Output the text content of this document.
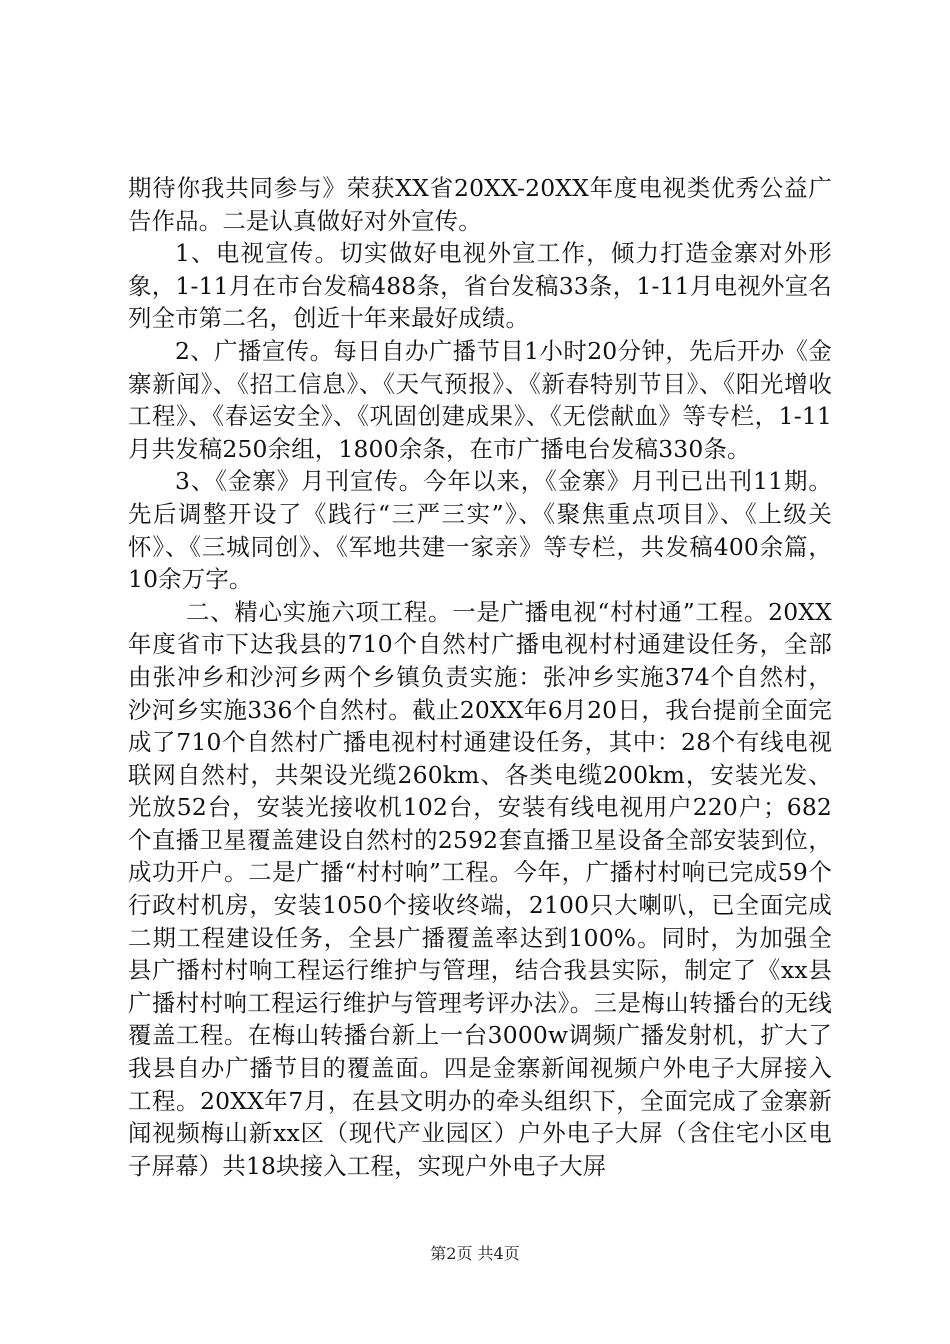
期待你我共同参与》荣获XX省20XX-20XX年度电视类优秀公益广告作品。二是认真做好对外宣传。

1、电视宣传。切实做好电视外宣工作，倾力打造金寨对外形象，1-11月在市台发稿488条，省台发稿33条，1-11月电视外宣名列全市第二名，创近十年来最好成绩。

2、广播宣传。每日自办广播节目1小时20分钟，先后开办《金寨新闻》、《招工信息》、《天气预报》、《新春特别节目》、《阳光增收工程》、《春运安全》、《巩固创建成果》、《无偿献血》等专栏，1-11月共发稿250余组，1800余条，在市广播电台发稿330条。

3、《金寨》月刊宣传。今年以来，《金寨》月刊已出刊11期。先后调整开设了《践行“三严三实”》、《聚焦重点项目》、《上级关怀》、《三城同创》、《军地共建一家亲》等专栏，共发稿400余篇，10余万字。

二、精心实施六项工程。一是广播电视“村村通”工程。20XX年度省市下达我县的710个自然村广播电视村村通建设任务，全部由张冲乡和沙河乡两个乡镇负责实施：张冲乡实施374个自然村，沙河乡实施336个自然村。截止20XX年6月20日，我台提前全面完成了710个自然村广播电视村村通建设任务，其中：28个有线电视联网自然村，共架设光缆260km、各类电缆200km，安装光发、光放52台，安装光接收机102台，安装有线电视用户220户；682个直播卫星覆盖建设自然村的2592套直播卫星设备全部安装到位，成功开户。二是广播“村村响”工程。今年，广播村村响已完成59个行政村机房，安装1050个接收终端，2100只大喇叭，已全面完成二期工程建设任务，全县广播覆盖率达到100%。同时，为加强全县广播村村响工程运行维护与管理，结合我县实际，制定了《xx县广播村村响工程运行维护与管理考评办法》。三是梅山转播台的无线覆盖工程。在梅山转播台新上一台3000w调频广播发射机，扩大了我县自办广播节目的覆盖面。四是金寨新闻视频户外电子大屏接入工程。20XX年7月，在县文明办的牵头组织下，全面完成了金寨新闻视频梅山新xx区（现代产业园区）户外电子大屏（含住宅小区电子屏幕）共18块接入工程，实现户外电子大屏

第2页 共4页
